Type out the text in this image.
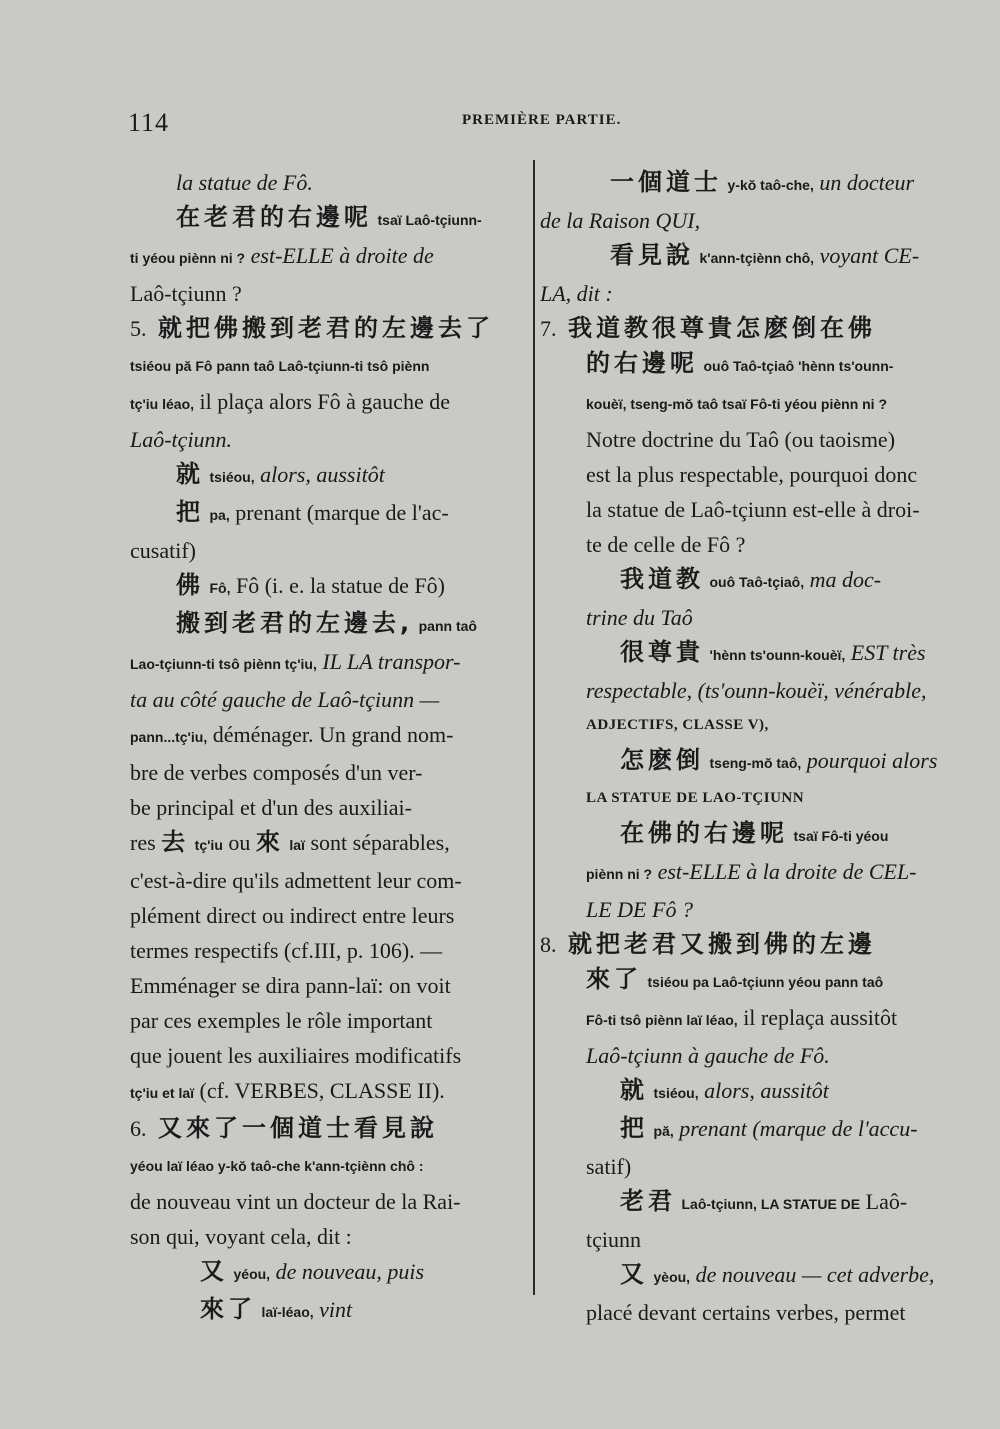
114	PREMIÈRE PARTIE.
la statue de Fô.
在老君的右邊呢 tsaï Laô-tçiunn-
ti yéou piènn ni ? est-ELLE à droite de
Laô-tçiunn ?
5. 就把佛搬到老君的左邊去了
tsiéou pă Fô pann taô Laô-tçiunn-ti tsô piènn
tç'iu léao, il plaça alors Fô à gauche de
Laô-tçiunn.
就 tsiéou, alors, aussitôt
把 pa, prenant (marque de l'ac-
cusatif)
佛 Fô, Fô (i. e. la statue de Fô)
搬到老君的左邊去, pann taô
Lao-tçiunn-ti tsô piènn tç'iu, IL LA transpor-
ta au côté gauche de Laô-tçiunn —
pann...tç'iu, déménager. Un grand nom-
bre de verbes composés d'un ver-
be principal et d'un des auxiliai-
res 去 tç'iu ou 來 laï sont séparables,
c'est-à-dire qu'ils admettent leur com-
plément direct ou indirect entre leurs
termes respectifs (cf.III, p. 106). —
Emménager se dira pann-laï: on voit
par ces exemples le rôle important
que jouent les auxiliaires modificatifs
tç'iu et laï (cf. VERBES, CLASSE II).
6. 又來了一個道士看見說
yéou laï léao y-kŏ taô-che k'ann-tçiènn chô :
de nouveau vint un docteur de la Rai-
son qui, voyant cela, dit :
又 yéou, de nouveau, puis
來了 laï-léao, vint
一個道士 y-kŏ taô-che, un docteur
de la Raison QUI,
看見說 k'ann-tçiènn chô, voyant CE-
LA, dit :
7. 我道教很尊貴怎麽倒在佛
的右邊呢 ouô Taô-tçiaô 'hènn ts'ounn-
kouèï, tseng-mŏ taô tsaï Fô-ti yéou piènn ni ?
Notre doctrine du Taô (ou taoisme)
est la plus respectable, pourquoi donc
la statue de Laô-tçiunn est-elle à droi-
te de celle de Fô ?
我道教 ouô Taô-tçiaô, ma doc-
trine du Taô
很尊貴 'hènn ts'ounn-kouèï, EST très
respectable, (ts'ounn-kouèï, vénérable,
ADJECTIFS, CLASSE V),
怎麽倒 tseng-mŏ taô, pourquoi alors
LA STATUE DE LAO-TÇIUNN
在佛的右邊呢 tsaï Fô-ti yéou
piènn ni ? est-ELLE à la droite de CEL-
LE DE Fô ?
8. 就把老君又搬到佛的左邊
來了 tsiéou pa Laô-tçiunn yéou pann taô
Fô-ti tsô piènn laï léao, il replaça aussitôt
Laô-tçiunn à gauche de Fô.
就 tsiéou, alors, aussitôt
把 pă, prenant (marque de l'accu-
satif)
老君 Laô-tçiunn, LA STATUE DE Laô-
tçiunn
又 yèou, de nouveau — cet adverbe,
placé devant certains verbes, permet
